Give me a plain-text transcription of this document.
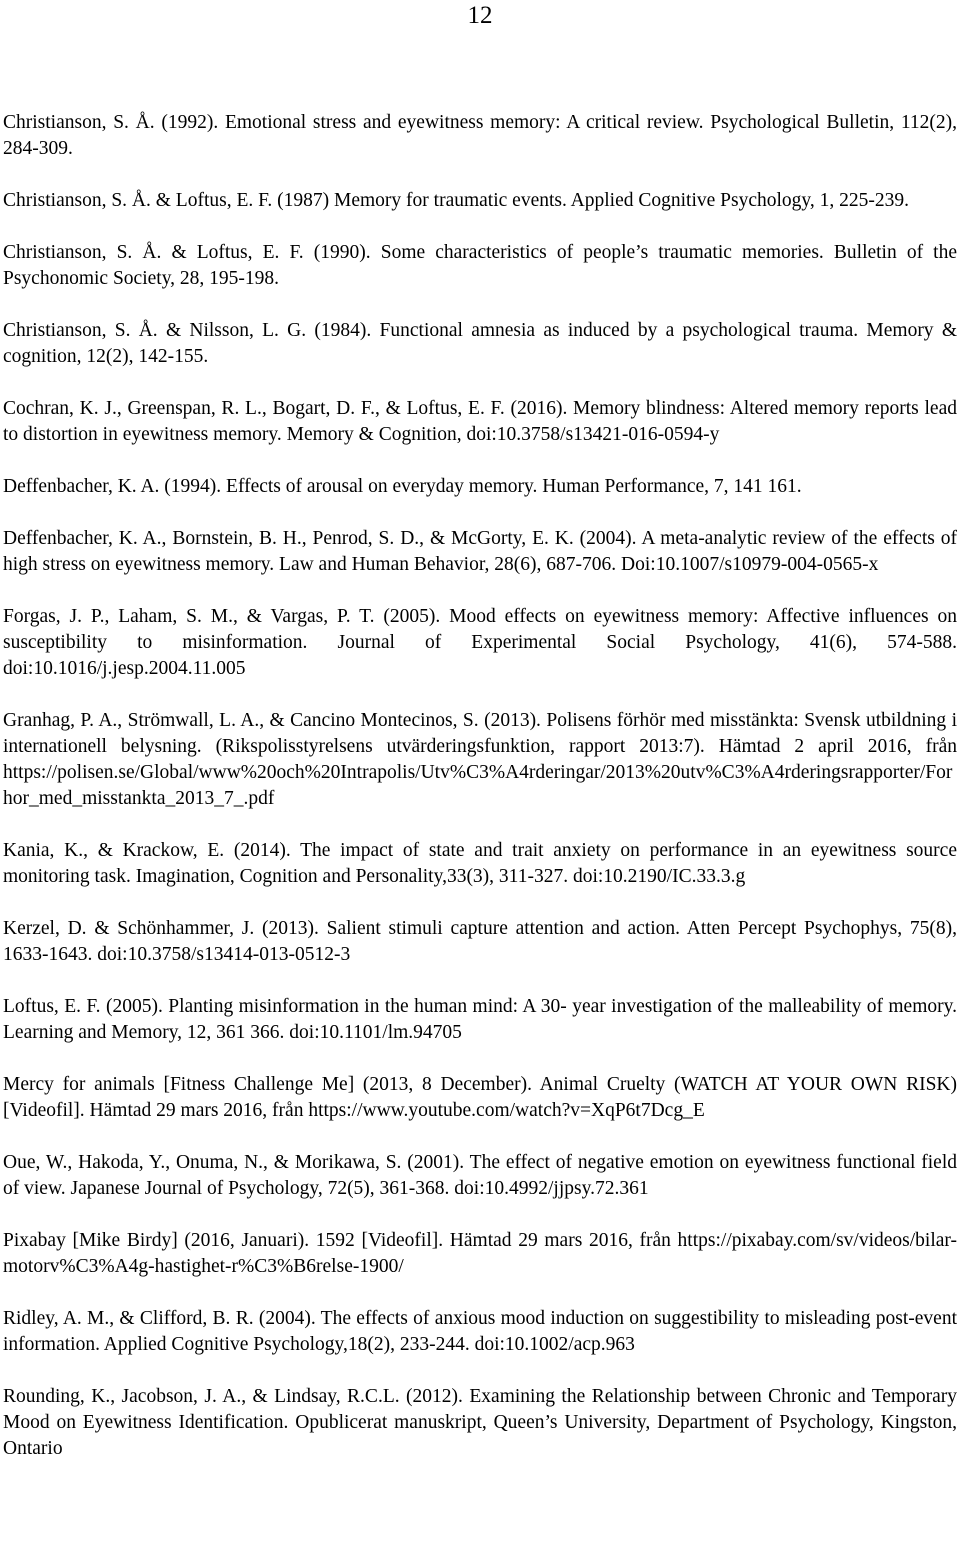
12

Christianson, S. Å. (1992). Emotional stress and eyewitness memory: A critical review. Psychological Bulletin, 112(2), 284-309.

Christianson, S. Å. & Loftus, E. F. (1987) Memory for traumatic events. Applied Cognitive Psychology, 1, 225-239.

Christianson, S. Å. & Loftus, E. F. (1990). Some characteristics of people’s traumatic memories. Bulletin of the Psychonomic Society, 28, 195-198.

Christianson, S. Å. & Nilsson, L. G. (1984). Functional amnesia as induced by a psychological trauma. Memory & cognition, 12(2), 142-155.

Cochran, K. J., Greenspan, R. L., Bogart, D. F., & Loftus, E. F. (2016). Memory blindness: Altered memory reports lead to distortion in eyewitness memory. Memory & Cognition, doi:10.3758/s13421-016-0594-y

Deffenbacher, K. A. (1994). Effects of arousal on everyday memory. Human Performance, 7, 141 161.

Deffenbacher, K. A., Bornstein, B. H., Penrod, S. D., & McGorty, E. K. (2004). A meta-analytic review of the effects of high stress on eyewitness memory. Law and Human Behavior, 28(6), 687-706. Doi:10.1007/s10979-004-0565-x

Forgas, J. P., Laham, S. M., & Vargas, P. T. (2005). Mood effects on eyewitness memory: Affective influences on susceptibility to misinformation. Journal of Experimental Social Psychology, 41(6), 574-588. doi:10.1016/j.jesp.2004.11.005

Granhag, P. A., Strömwall, L. A., & Cancino Montecinos, S. (2013). Polisens förhör med misstänkta: Svensk utbildning i internationell belysning. (Rikspolisstyrelsens utvärderingsfunktion, rapport 2013:7). Hämtad 2 april 2016, från https://polisen.se/Global/www%20och%20Intrapolis/Utv%C3%A4rderingar/2013%20utv%C3%A4rderingsrapporter/Forhor_med_misstankta_2013_7_.pdf

Kania, K., & Krackow, E. (2014). The impact of state and trait anxiety on performance in an eyewitness source monitoring task. Imagination, Cognition and Personality,33(3), 311-327. doi:10.2190/IC.33.3.g

Kerzel, D. & Schönhammer, J. (2013). Salient stimuli capture attention and action. Atten Percept Psychophys, 75(8), 1633-1643. doi:10.3758/s13414-013-0512-3

Loftus, E. F. (2005). Planting misinformation in the human mind: A 30- year investigation of the malleability of memory. Learning and Memory, 12, 361 366. doi:10.1101/lm.94705

Mercy for animals [Fitness Challenge Me] (2013, 8 December). Animal Cruelty (WATCH AT YOUR OWN RISK) [Videofil]. Hämtad 29 mars 2016, från https://www.youtube.com/watch?v=XqP6t7Dcg_E

Oue, W., Hakoda, Y., Onuma, N., & Morikawa, S. (2001). The effect of negative emotion on eyewitness functional field of view. Japanese Journal of Psychology, 72(5), 361-368. doi:10.4992/jjpsy.72.361

Pixabay [Mike Birdy] (2016, Januari). 1592 [Videofil]. Hämtad 29 mars 2016, från https://pixabay.com/sv/videos/bilar-motorv%C3%A4g-hastighet-r%C3%B6relse-1900/

Ridley, A. M., & Clifford, B. R. (2004). The effects of anxious mood induction on suggestibility to misleading post-event information. Applied Cognitive Psychology,18(2), 233-244. doi:10.1002/acp.963

Rounding, K., Jacobson, J. A., & Lindsay, R.C.L. (2012). Examining the Relationship between Chronic and Temporary Mood on Eyewitness Identification. Opublicerat manuskript, Queen’s University, Department of Psychology, Kingston, Ontario
